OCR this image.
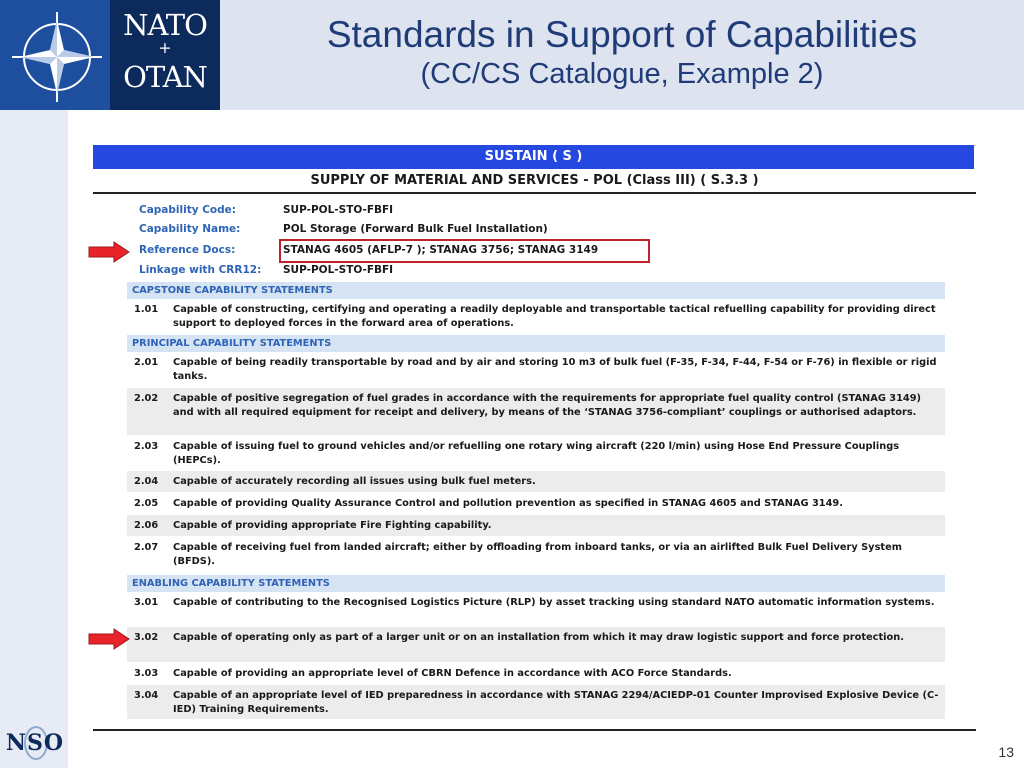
NATO
+
OTAN
Standards in Support of Capabilities
(CC/CS Catalogue, Example 2)
SUSTAIN ( S )
SUPPLY OF MATERIAL AND SERVICES - POL (Class III) ( S.3.3 )
Capability Code:	SUP-POL-STO-FBFI
Capability Name:	POL Storage (Forward Bulk Fuel Installation)
Reference Docs:	STANAG 4605 (AFLP-7 ); STANAG 3756; STANAG 3149
Linkage with CRR12: SUP-POL-STO-FBFI
CAPSTONE CAPABILITY STATEMENTS
1.01 Capable of constructing, certifying and operating a readily deployable and transportable tactical refuelling capability for providing direct support to deployed forces in the forward area of operations.
PRINCIPAL CAPABILITY STATEMENTS
2.01 Capable of being readily transportable by road and by air and storing 10 m3 of bulk fuel (F-35, F-34, F-44, F-54 or F-76) in flexible or rigid tanks.
2.02 Capable of positive segregation of fuel grades in accordance with the requirements for appropriate fuel quality control (STANAG 3149) and with all required equipment for receipt and delivery, by means of the ‘STANAG 3756-compliant’ couplings or authorised adaptors.
2.03 Capable of issuing fuel to ground vehicles and/or refuelling one rotary wing aircraft (220 l/min) using Hose End Pressure Couplings (HEPCs).
2.04 Capable of accurately recording all issues using bulk fuel meters.
2.05 Capable of providing Quality Assurance Control and pollution prevention as specified in STANAG 4605 and STANAG 3149.
2.06 Capable of providing appropriate Fire Fighting capability.
2.07 Capable of receiving fuel from landed aircraft; either by offloading from inboard tanks, or via an airlifted Bulk Fuel Delivery System (BFDS).
ENABLING CAPABILITY STATEMENTS
3.01 Capable of contributing to the Recognised Logistics Picture (RLP) by asset tracking using standard NATO automatic information systems.
3.02 Capable of operating only as part of a larger unit or on an installation from which it may draw logistic support and force protection.
3.03 Capable of providing an appropriate level of CBRN Defence in accordance with ACO Force Standards.
3.04 Capable of an appropriate level of IED preparedness in accordance with STANAG 2294/ACIEDP-01 Counter Improvised Explosive Device (C-IED) Training Requirements.
NSO	13
